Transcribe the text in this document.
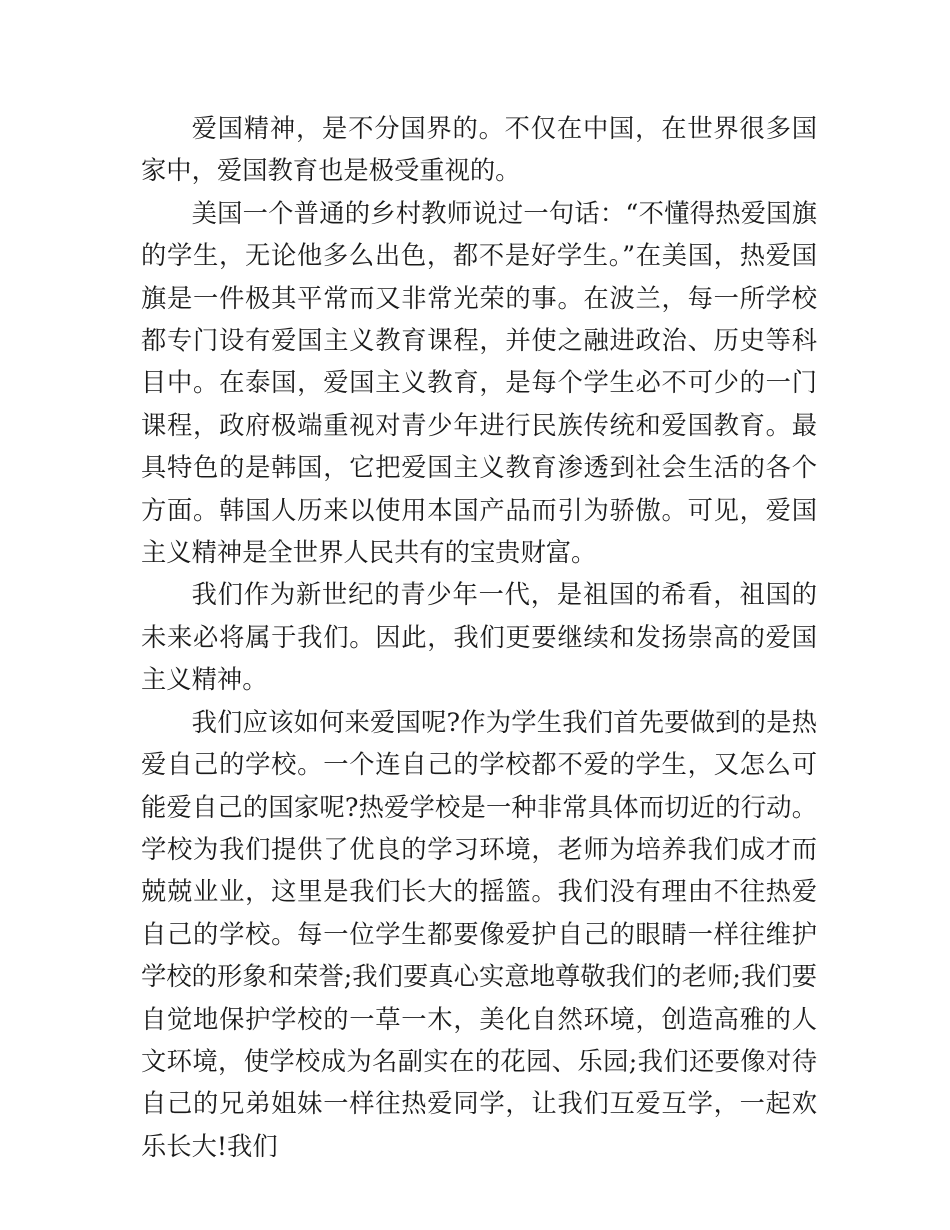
爱国精神，是不分国界的。不仅在中国，在世界很多国家中，爱国教育也是极受重视的。

美国一个普通的乡村教师说过一句话：“不懂得热爱国旗的学生，无论他多么出色，都不是好学生。”在美国，热爱国旗是一件极其平常而又非常光荣的事。在波兰，每一所学校都专门设有爱国主义教育课程，并使之融进政治、历史等科目中。在泰国，爱国主义教育，是每个学生必不可少的一门课程，政府极端重视对青少年进行民族传统和爱国教育。最具特色的是韩国，它把爱国主义教育渗透到社会生活的各个方面。韩国人历来以使用本国产品而引为骄傲。可见，爱国主义精神是全世界人民共有的宝贵财富。

我们作为新世纪的青少年一代，是祖国的希看，祖国的未来必将属于我们。因此，我们更要继续和发扬崇高的爱国主义精神。

我们应该如何来爱国呢?作为学生我们首先要做到的是热爱自己的学校。一个连自己的学校都不爱的学生，又怎么可能爱自己的国家呢?热爱学校是一种非常具体而切近的行动。学校为我们提供了优良的学习环境，老师为培养我们成才而兢兢业业，这里是我们长大的摇篮。我们没有理由不往热爱自己的学校。每一位学生都要像爱护自己的眼睛一样往维护学校的形象和荣誉;我们要真心实意地尊敬我们的老师;我们要自觉地保护学校的一草一木，美化自然环境，创造高雅的人文环境，使学校成为名副实在的花园、乐园;我们还要像对待自己的兄弟姐妹一样往热爱同学，让我们互爱互学，一起欢乐长大!我们
